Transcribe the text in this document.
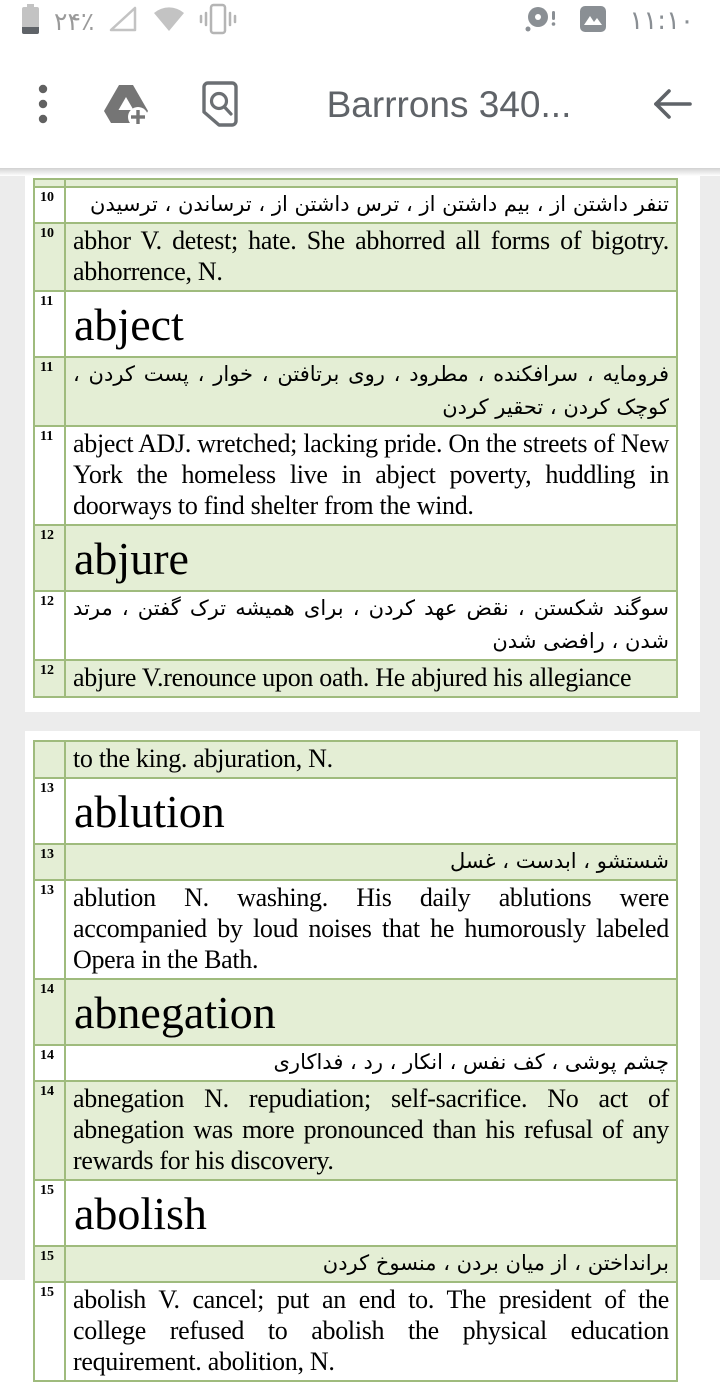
٢۴٪	١١:١٠
Barrrons 340...
10	تنفر داشتن از ، بیم داشتن از ، ترس داشتن از ، ترساندن ، ترسیدن
10 abhor V. detest; hate. She abhorred all forms of bigotry. abhorrence, N.
11 abject
11 فرومایه ، سرافکنده ، مطرود ، روی برتافتن ، خوار ، پست کردن ، کوچک کردن ، تحقیر کردن
11 abject ADJ. wretched; lacking pride. On the streets of New York the homeless live in abject poverty, huddling in doorways to find shelter from the wind.
12 abjure
12 سوگند شکستن ، نقض عهد کردن ، برای همیشه ترک گفتن ، مرتد شدن ، رافضی شدن
12 abjure V.renounce upon oath. He abjured his allegiance
to the king. abjuration, N.
13 ablution
13	شستشو ، ابدست ، غسل
13 ablution N. washing. His daily ablutions were accompanied by loud noises that he humorously labeled Opera in the Bath.
14 abnegation
14	چشم پوشی ، کف نفس ، انکار ، رد ، فداکاری
14 abnegation N. repudiation; self-sacrifice. No act of abnegation was more pronounced than his refusal of any rewards for his discovery.
15 abolish
15	برانداختن ، از میان بردن ، منسوخ کردن
15 abolish V. cancel; put an end to. The president of the college refused to abolish the physical education requirement. abolition, N.
